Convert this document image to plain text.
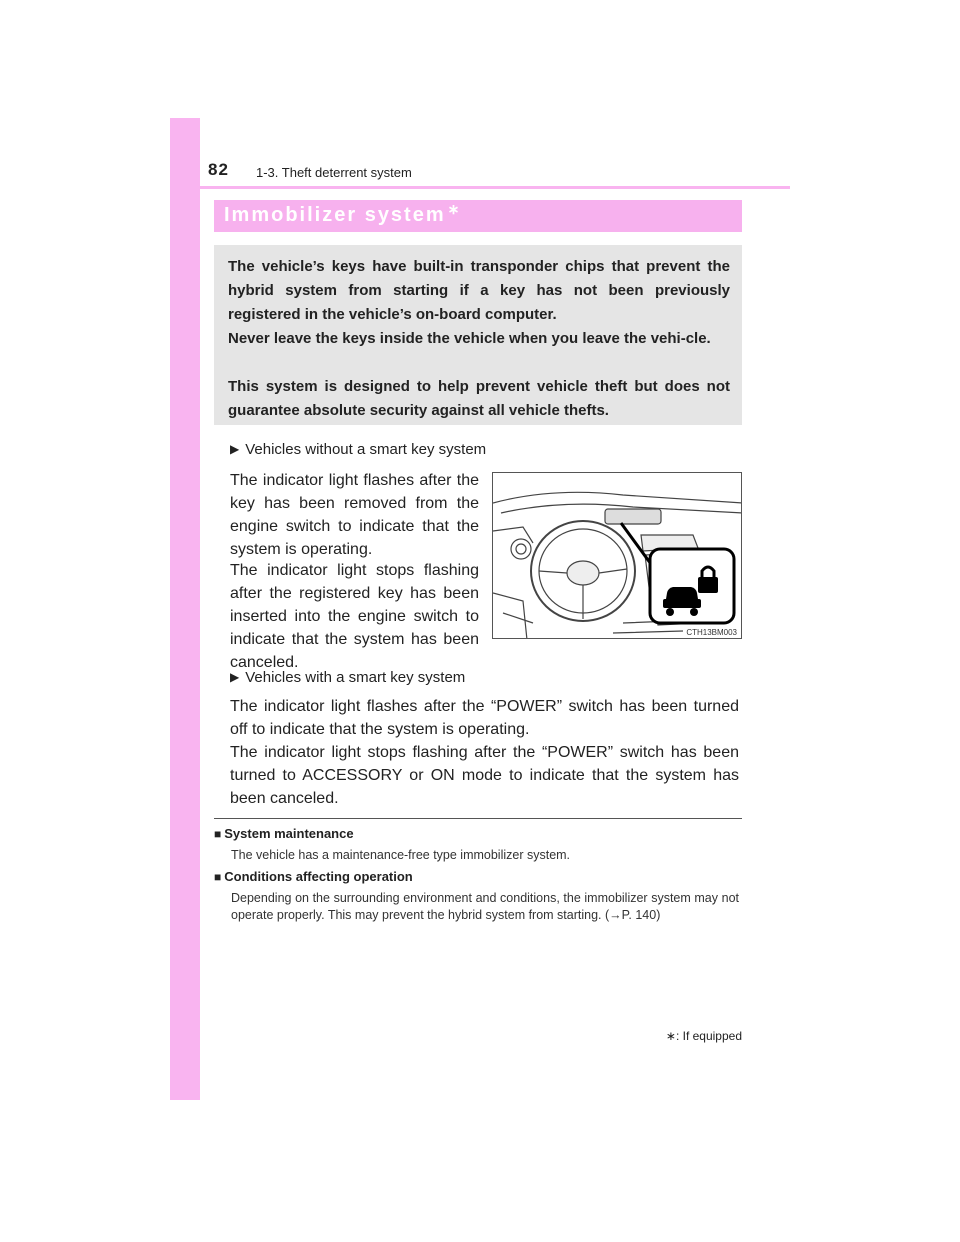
82 1-3. Theft deterrent system
Immobilizer system ∗

The vehicle’s keys have built-in transponder chips that prevent the hybrid system from starting if a key has not been previously registered in the vehicle’s on-board computer.

Never leave the keys inside the vehicle when you leave the vehi-cle.

This system is designed to help prevent vehicle theft but does not guarantee absolute security against all vehicle thefts.

▶ Vehicles without a smart key system

The indicator light flashes after the key has been removed from the engine switch to indicate that the system is operating.

The indicator light stops flashing after the registered key has been inserted into the engine switch to indicate that the system has been canceled.

CTH13BM003
▶ Vehicles with a smart key system

The indicator light flashes after the “POWER” switch has been turned off to indicate that the system is operating.

The indicator light stops flashing after the “POWER” switch has been turned to ACCESSORY or ON mode to indicate that the system has been canceled.

■ System maintenance

The vehicle has a maintenance-free type immobilizer system.

■ Conditions affecting operation

Depending on the surrounding environment and conditions, the immobilizer system may not operate properly. This may prevent the hybrid system from starting. (→P. 140)

∗: If equipped
